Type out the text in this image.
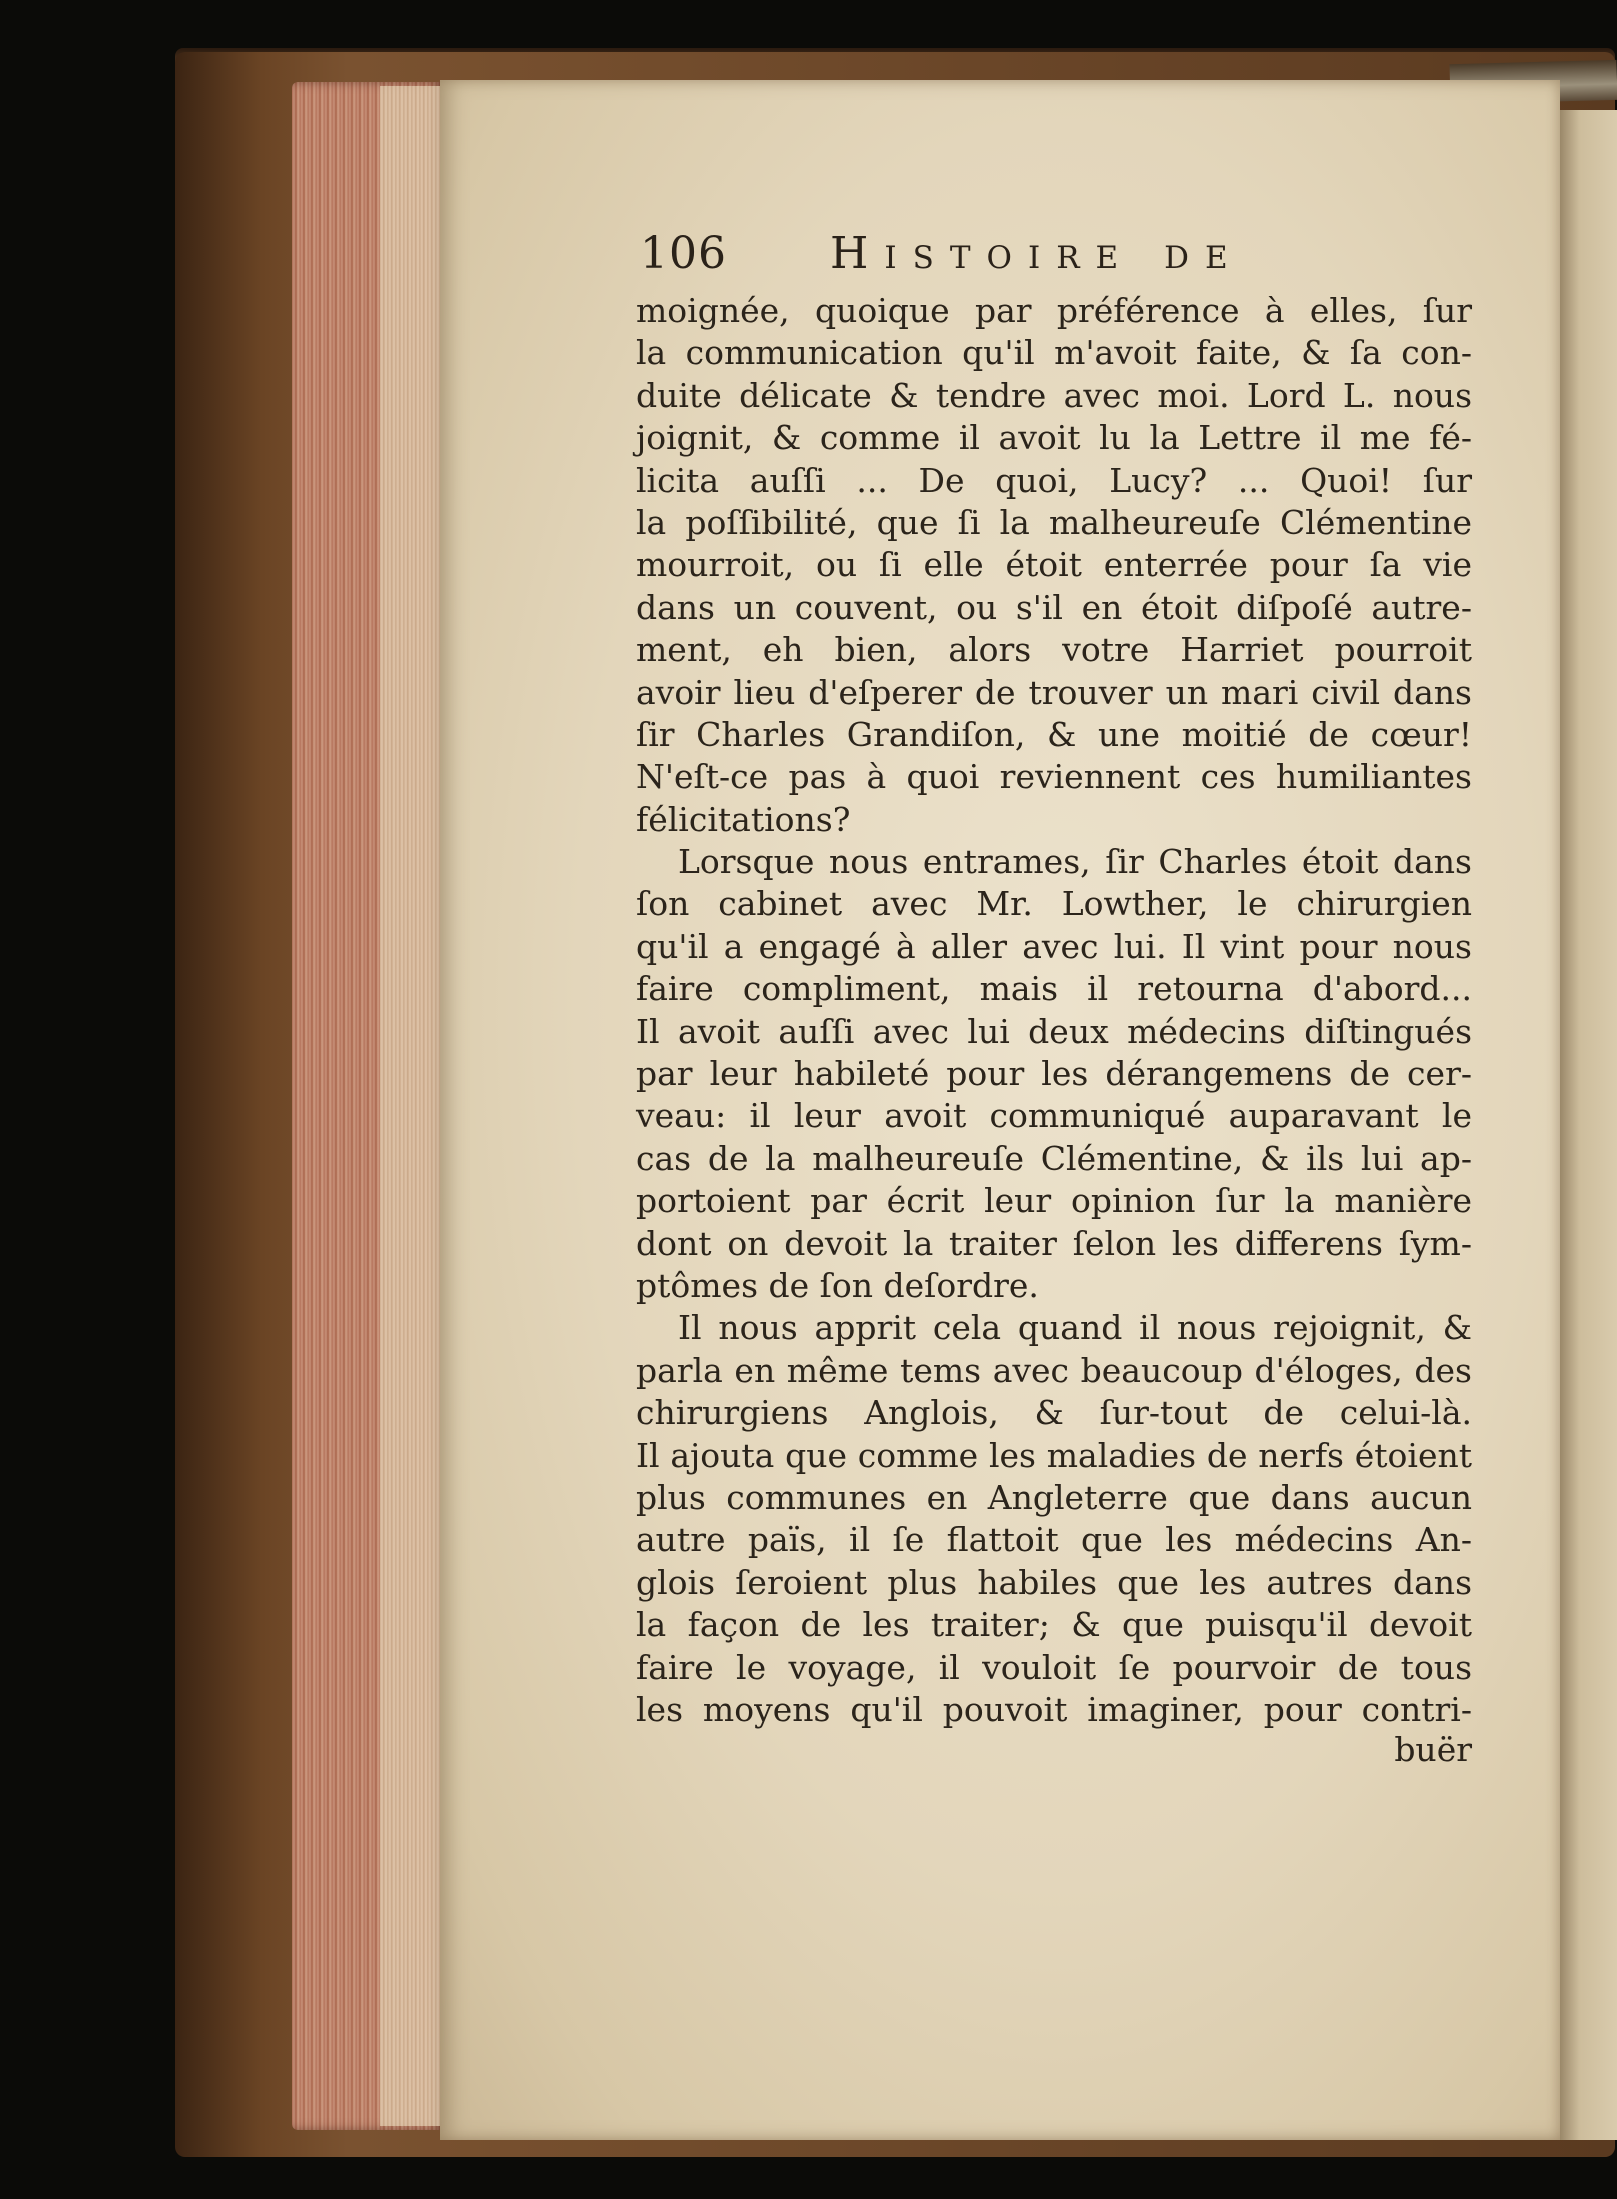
106 Histoire de
moignée, quoique par préférence à elles, ſur
la communication qu'il m'avoit faite, & ſa con-
duite délicate & tendre avec moi. Lord L. nous
joignit, & comme il avoit lu la Lettre il me fé-
licita auſſi ... De quoi, Lucy? ... Quoi! ſur
la poſſibilité, que ſi la malheureuſe Clémentine
mourroit, ou ſi elle étoit enterrée pour ſa vie
dans un couvent, ou s'il en étoit diſpoſé autre-
ment, eh bien, alors votre Harriet pourroit
avoir lieu d'eſperer de trouver un mari civil dans
ſir Charles Grandiſon, & une moitié de cœur!
N'eſt-ce pas à quoi reviennent ces humiliantes
félicitations?
Lorsque nous entrames, ſir Charles étoit dans
ſon cabinet avec Mr. Lowther, le chirurgien
qu'il a engagé à aller avec lui. Il vint pour nous
faire compliment, mais il retourna d'abord...
Il avoit auſſi avec lui deux médecins diſtingués
par leur habileté pour les dérangemens de cer-
veau: il leur avoit communiqué auparavant le
cas de la malheureuſe Clémentine, & ils lui ap-
portoient par écrit leur opinion ſur la manière
dont on devoit la traiter ſelon les differens ſym-
ptômes de ſon deſordre.
Il nous apprit cela quand il nous rejoignit, &
parla en même tems avec beaucoup d'éloges, des
chirurgiens Anglois, & ſur-tout de celui-là.
Il ajouta que comme les maladies de nerfs étoient
plus communes en Angleterre que dans aucun
autre païs, il ſe flattoit que les médecins An-
glois ſeroient plus habiles que les autres dans
la façon de les traiter; & que puisqu'il devoit
faire le voyage, il vouloit ſe pourvoir de tous
les moyens qu'il pouvoit imaginer, pour contri-
buër
